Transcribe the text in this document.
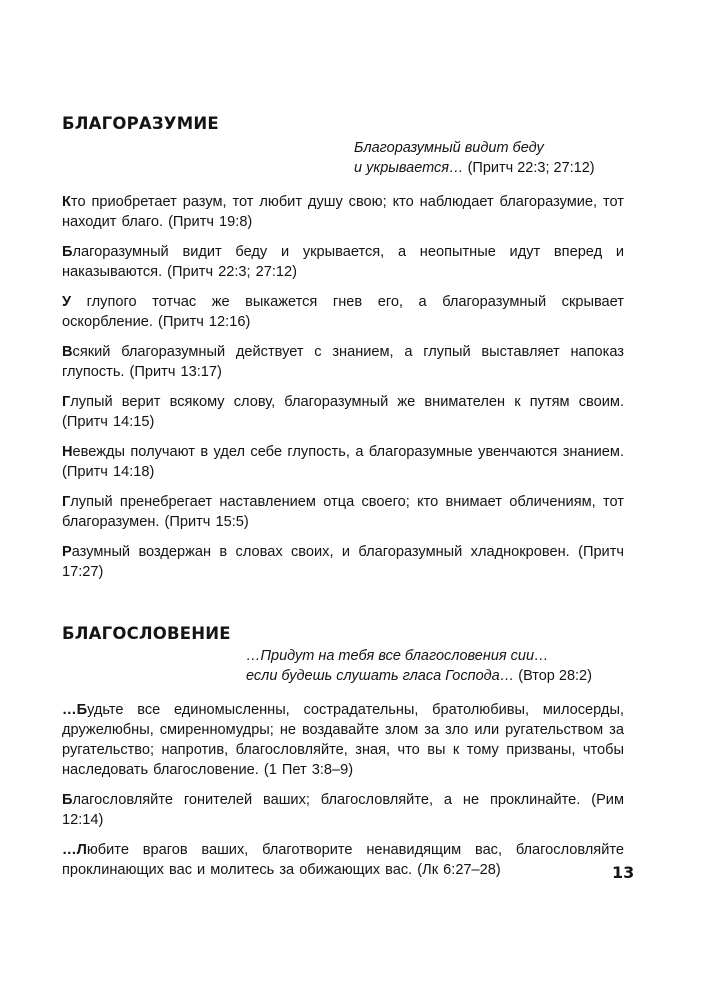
БЛАГОРАЗУМИЕ
Благоразумный видит беду
и укрывается… (Притч 22:3; 27:12)

Кто приобретает разум, тот любит душу свою; кто наблюдает благоразумие, тот находит благо. (Притч 19:8)

Благоразумный видит беду и укрывается, а неопытные идут вперед и наказываются. (Притч 22:3; 27:12)

У глупого тотчас же выкажется гнев его, а благоразумный скрывает оскорбление. (Притч 12:16)

Всякий благоразумный действует с знанием, а глупый выставляет напоказ глупость. (Притч 13:17)

Глупый верит всякому слову, благоразумный же внимателен к путям своим. (Притч 14:15)

Невежды получают в удел себе глупость, а благоразумные увенчаются знанием. (Притч 14:18)

Глупый пренебрегает наставлением отца своего; кто внимает обличениям, тот благоразумен. (Притч 15:5)

Разумный воздержан в словах своих, и благоразумный хладнокровен. (Притч 17:27)

БЛАГОСЛОВЕНИЕ
…Придут на тебя все благословения сии…
если будешь слушать гласа Господа… (Втор 28:2)

…Будьте все единомысленны, сострадательны, братолюбивы, милосерды, дружелюбны, смиренномудры; не воздавайте злом за зло или ругательством за ругательство; напротив, благословляйте, зная, что вы к тому призваны, чтобы наследовать благословение. (1 Пет 3:8–9)

Благословляйте гонителей ваших; благословляйте, а не проклинайте. (Рим 12:14)

…Любите врагов ваших, благотворите ненавидящим вас, благословляйте проклинающих вас и молитесь за обижающих вас. (Лк 6:27–28)	13
